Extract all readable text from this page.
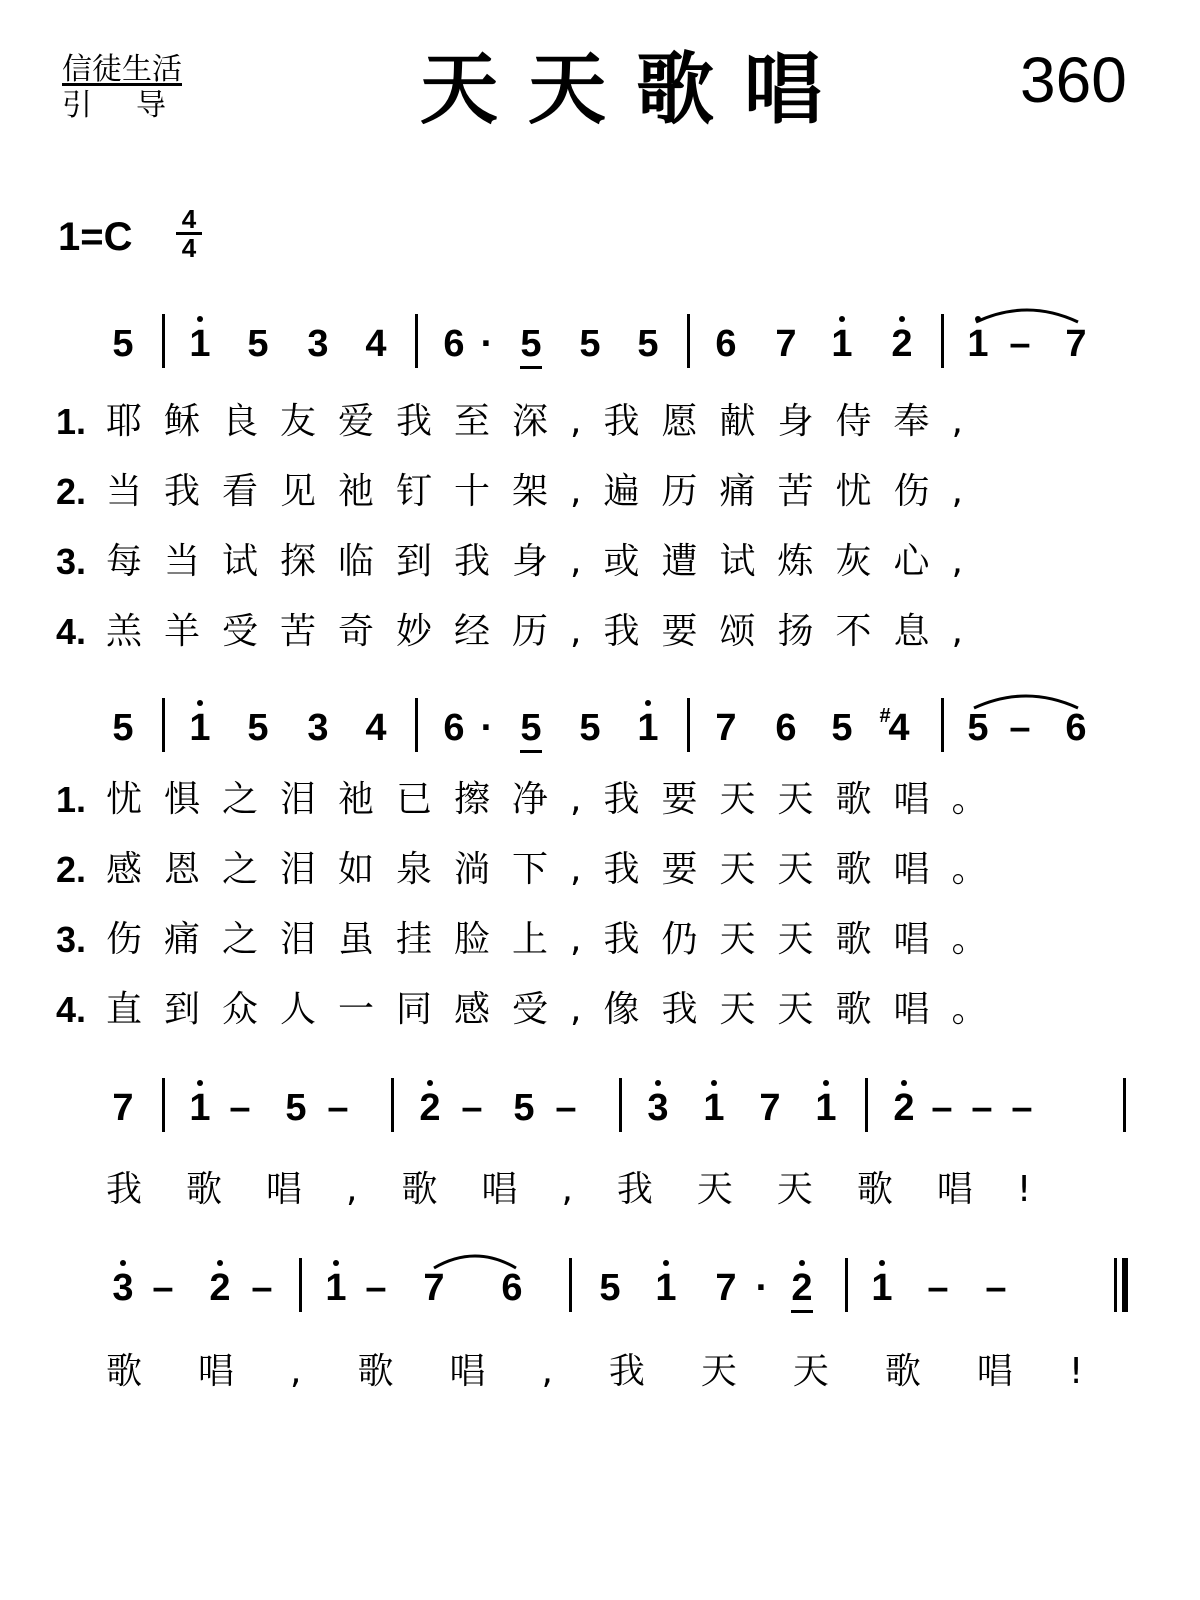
信徒生活
引导	天天歌唱	360
$1=C \frac{4}{4}$
5 1 5 3 4 6 · 5 5 5 6 7 1 2 1 – 7
1. 耶稣良友爱我至深,我愿献身侍奉,
2. 当我看见祂钉十架,遍历痛苦忧伤,
3. 每当试探临到我身,或遭试炼灰心,
4. 羔羊受苦奇妙经历,我要颂扬不息,
5 1 5 3 4 6 · 5 5 1 7 6 5 4
# 5 – 6
1. 忧惧之泪祂已擦净,我要天天歌唱。
2. 感恩之泪如泉淌下,我要天天歌唱。
3. 伤痛之泪虽挂脸上,我仍天天歌唱。
4. 直到众人一同感受,像我天天歌唱。
7 1 – 5 – 2 – 5 – 3 1 7 1 2 – – –
我歌唱,歌唱,我天天歌唱!
3 – 2 – 1 – 7 6 5 1 7 · 2 1 – –
歌唱,歌唱,我天天歌唱!
